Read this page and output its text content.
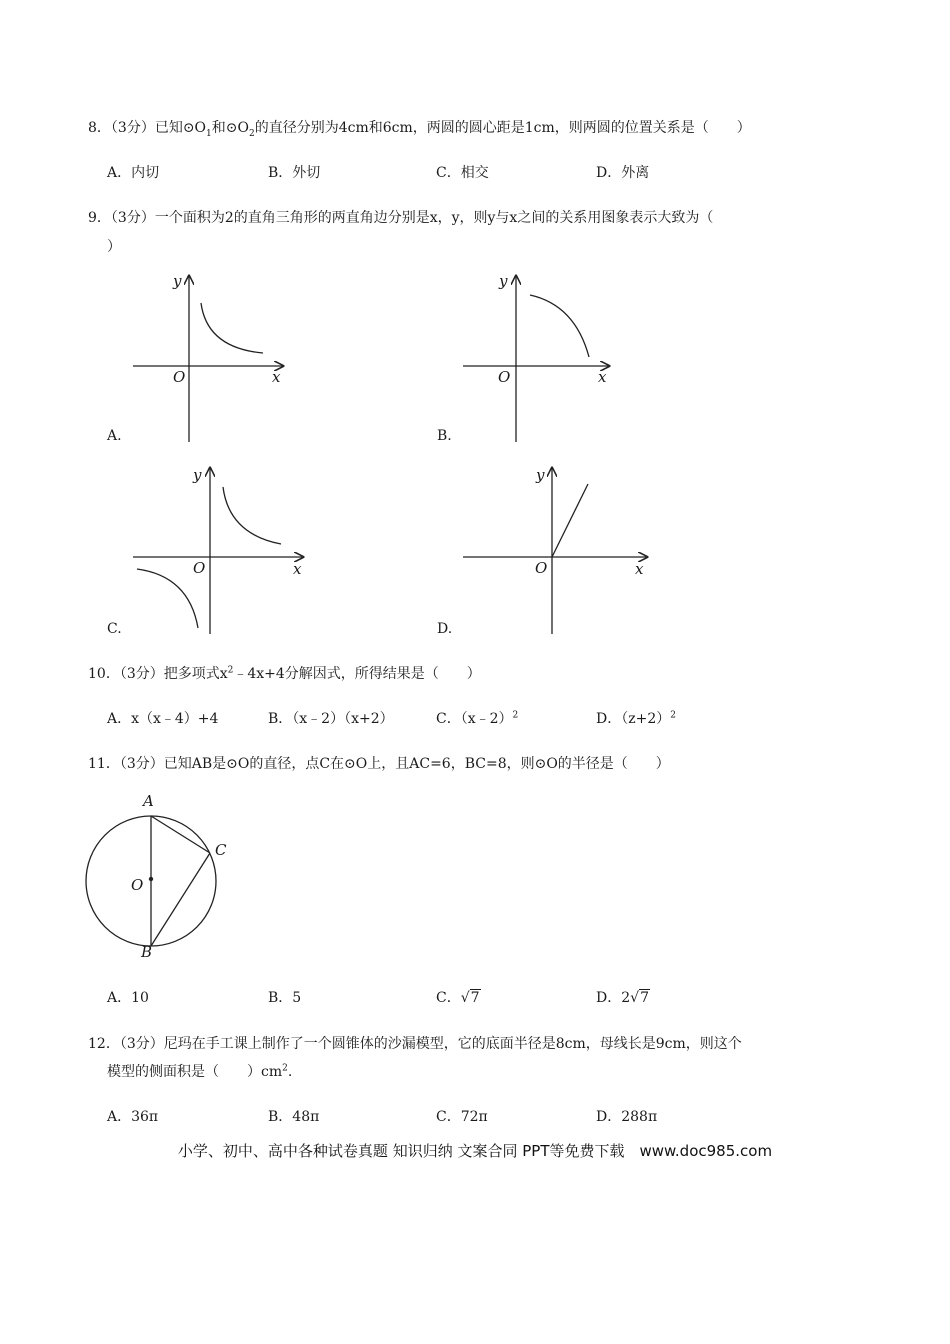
8．（3分）已知$⊙O_1$和$⊙O_2$的直径分别为4cm和6cm，两圆的圆心距是1cm，则两圆的位置关系是（　　）
A．内切	B．外切	C．相交	D．外离
9．（3分）一个面积为2的直角三角形的两直角边分别是x，y，则y与x之间的关系用图象表示大致为（
）
y
x
O
A.
y
x
O
B.
y
x
O
C.
y
x
O
D.
10．（3分）把多项式$x^2﹣4x+4$分解因式，所得结果是（　　）
A．x（x﹣4）+4	B．（x﹣2）（x+2）	C．（x﹣2）$^2$	D．$(z+2)^2$
11．（3分）已知AB是⊙O的直径，点C在⊙O上，且AC=6，BC=8，则⊙O的半径是（　　）
A
B
C
O
A．10	B．5	C．√7	D．2√7
12．（3分）尼玛在手工课上制作了一个圆锥体的沙漏模型，它的底面半径是8cm，母线长是9cm，则这个
模型的侧面积是（　　）$cm^2$.
A．36π	B．48π	C．72π	D．288π
小学、初中、高中各种试卷真题 知识归纳 文案合同 PPT等免费下载　www.doc985.com
